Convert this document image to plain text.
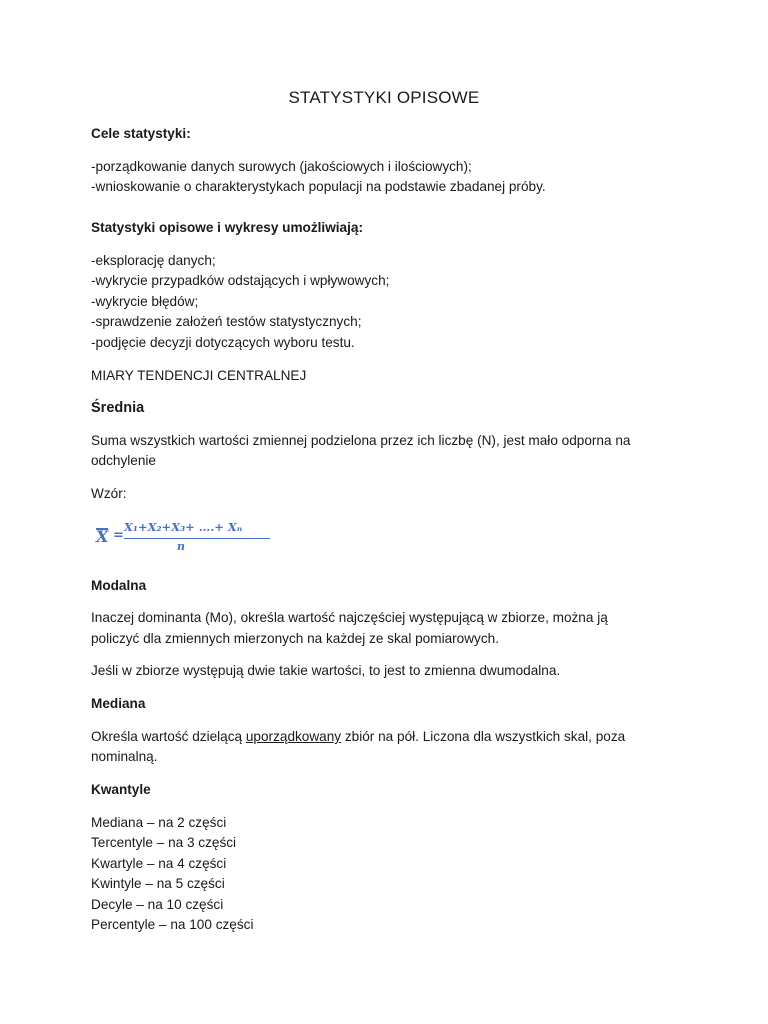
STATYSTYKI OPISOWE
Cele statystyki:
-porządkowanie danych surowych (jakościowych i ilościowych);
-wnioskowanie o charakterystykach populacji na podstawie zbadanej próby.
Statystyki opisowe i wykresy umożliwiają:
-eksplorację danych;
-wykrycie przypadków odstających i wpływowych;
-wykrycie błędów;
-sprawdzenie założeń testów statystycznych;
-podjęcie decyzji dotyczących wyboru testu.
MIARY TENDENCJI CENTRALNEJ
Średnia
Suma wszystkich wartości zmiennej podzielona przez ich liczbę (N), jest mało odporna na
odchylenie
Wzór:
X =
X₁+X₂+X₃+ ….+ Xₙ
n
Modalna
Inaczej dominanta (Mo), określa wartość najczęściej występującą w zbiorze, można ją
policzyć dla zmiennych mierzonych na każdej ze skal pomiarowych.
Jeśli w zbiorze występują dwie takie wartości, to jest to zmienna dwumodalna.
Mediana
Określa wartość dzielącą uporządkowany zbiór na pół. Liczona dla wszystkich skal, poza
nominalną.
Kwantyle
Mediana – na 2 części
Tercentyle – na 3 części
Kwartyle – na 4 części
Kwintyle – na 5 części
Decyle – na 10 części
Percentyle – na 100 części
